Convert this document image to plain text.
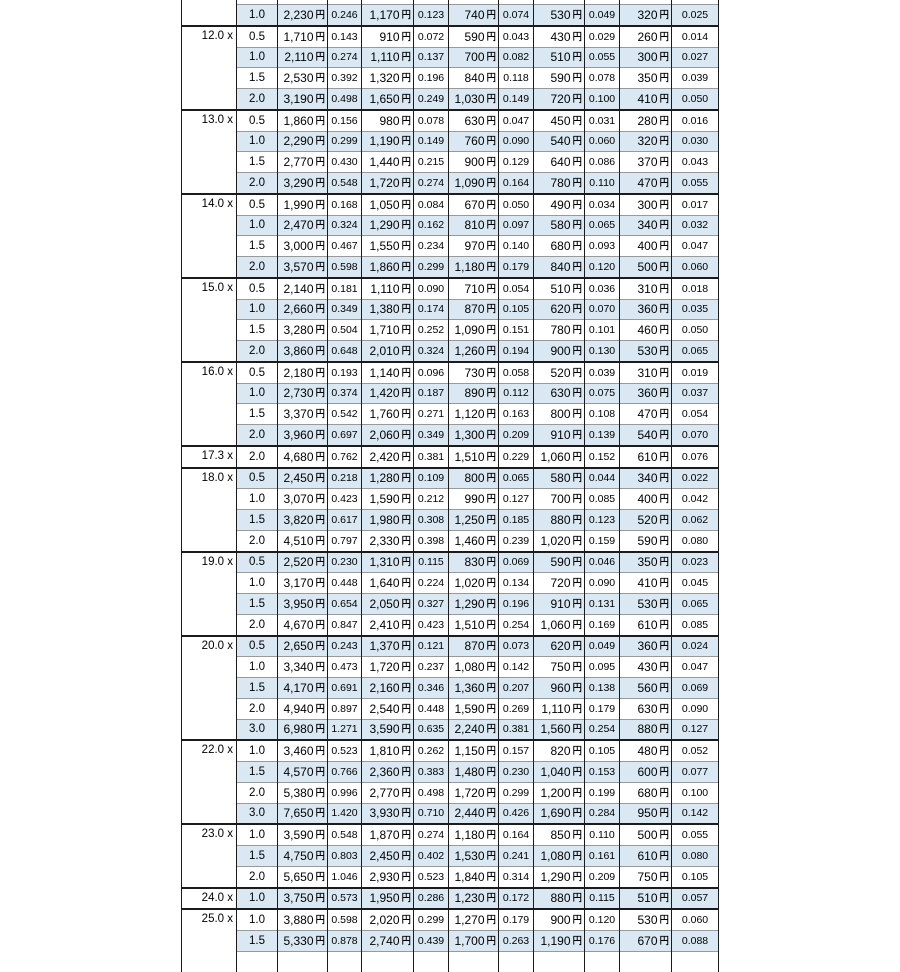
	1.0	2,230	0.246	1,170	0.123	740	0.074	530	0.049	320	0.025
12.0 x	0.5	1,710	0.143	910	0.072	590	0.043	430	0.029	260	0.014
	1.0	2,110	0.274	1,110	0.137	700	0.082	510	0.055	300	0.027
	1.5	2,530	0.392	1,320	0.196	840	0.118	590	0.078	350	0.039
	2.0	3,190	0.498	1,650	0.249	1,030	0.149	720	0.100	410	0.050
13.0 x	0.5	1,860	0.156	980	0.078	630	0.047	450	0.031	280	0.016
	1.0	2,290	0.299	1,190	0.149	760	0.090	540	0.060	320	0.030
	1.5	2,770	0.430	1,440	0.215	900	0.129	640	0.086	370	0.043
	2.0	3,290	0.548	1,720	0.274	1,090	0.164	780	0.110	470	0.055
14.0 x	0.5	1,990	0.168	1,050	0.084	670	0.050	490	0.034	300	0.017
	1.0	2,470	0.324	1,290	0.162	810	0.097	580	0.065	340	0.032
	1.5	3,000	0.467	1,550	0.234	970	0.140	680	0.093	400	0.047
	2.0	3,570	0.598	1,860	0.299	1,180	0.179	840	0.120	500	0.060
15.0 x	0.5	2,140	0.181	1,110	0.090	710	0.054	510	0.036	310	0.018
	1.0	2,660	0.349	1,380	0.174	870	0.105	620	0.070	360	0.035
	1.5	3,280	0.504	1,710	0.252	1,090	0.151	780	0.101	460	0.050
	2.0	3,860	0.648	2,010	0.324	1,260	0.194	900	0.130	530	0.065
16.0 x	0.5	2,180	0.193	1,140	0.096	730	0.058	520	0.039	310	0.019
	1.0	2,730	0.374	1,420	0.187	890	0.112	630	0.075	360	0.037
	1.5	3,370	0.542	1,760	0.271	1,120	0.163	800	0.108	470	0.054
	2.0	3,960	0.697	2,060	0.349	1,300	0.209	910	0.139	540	0.070
17.3 x	2.0	4,680	0.762	2,420	0.381	1,510	0.229	1,060	0.152	610	0.076
18.0 x	0.5	2,450	0.218	1,280	0.109	800	0.065	580	0.044	340	0.022
	1.0	3,070	0.423	1,590	0.212	990	0.127	700	0.085	400	0.042
	1.5	3,820	0.617	1,980	0.308	1,250	0.185	880	0.123	520	0.062
	2.0	4,510	0.797	2,330	0.398	1,460	0.239	1,020	0.159	590	0.080
19.0 x	0.5	2,520	0.230	1,310	0.115	830	0.069	590	0.046	350	0.023
	1.0	3,170	0.448	1,640	0.224	1,020	0.134	720	0.090	410	0.045
	1.5	3,950	0.654	2,050	0.327	1,290	0.196	910	0.131	530	0.065
	2.0	4,670	0.847	2,410	0.423	1,510	0.254	1,060	0.169	610	0.085
20.0 x	0.5	2,650	0.243	1,370	0.121	870	0.073	620	0.049	360	0.024
	1.0	3,340	0.473	1,720	0.237	1,080	0.142	750	0.095	430	0.047
	1.5	4,170	0.691	2,160	0.346	1,360	0.207	960	0.138	560	0.069
	2.0	4,940	0.897	2,540	0.448	1,590	0.269	1,110	0.179	630	0.090
	3.0	6,980	1.271	3,590	0.635	2,240	0.381	1,560	0.254	880	0.127
22.0 x	1.0	3,460	0.523	1,810	0.262	1,150	0.157	820	0.105	480	0.052
	1.5	4,570	0.766	2,360	0.383	1,480	0.230	1,040	0.153	600	0.077
	2.0	5,380	0.996	2,770	0.498	1,720	0.299	1,200	0.199	680	0.100
	3.0	7,650	1.420	3,930	0.710	2,440	0.426	1,690	0.284	950	0.142
23.0 x	1.0	3,590	0.548	1,870	0.274	1,180	0.164	850	0.110	500	0.055
	1.5	4,750	0.803	2,450	0.402	1,530	0.241	1,080	0.161	610	0.080
	2.0	5,650	1.046	2,930	0.523	1,840	0.314	1,290	0.209	750	0.105
24.0 x	1.0	3,750	0.573	1,950	0.286	1,230	0.172	880	0.115	510	0.057
25.0 x	1.0	3,880	0.598	2,020	0.299	1,270	0.179	900	0.120	530	0.060
	1.5	5,330	0.878	2,740	0.439	1,700	0.263	1,190	0.176	670	0.088
